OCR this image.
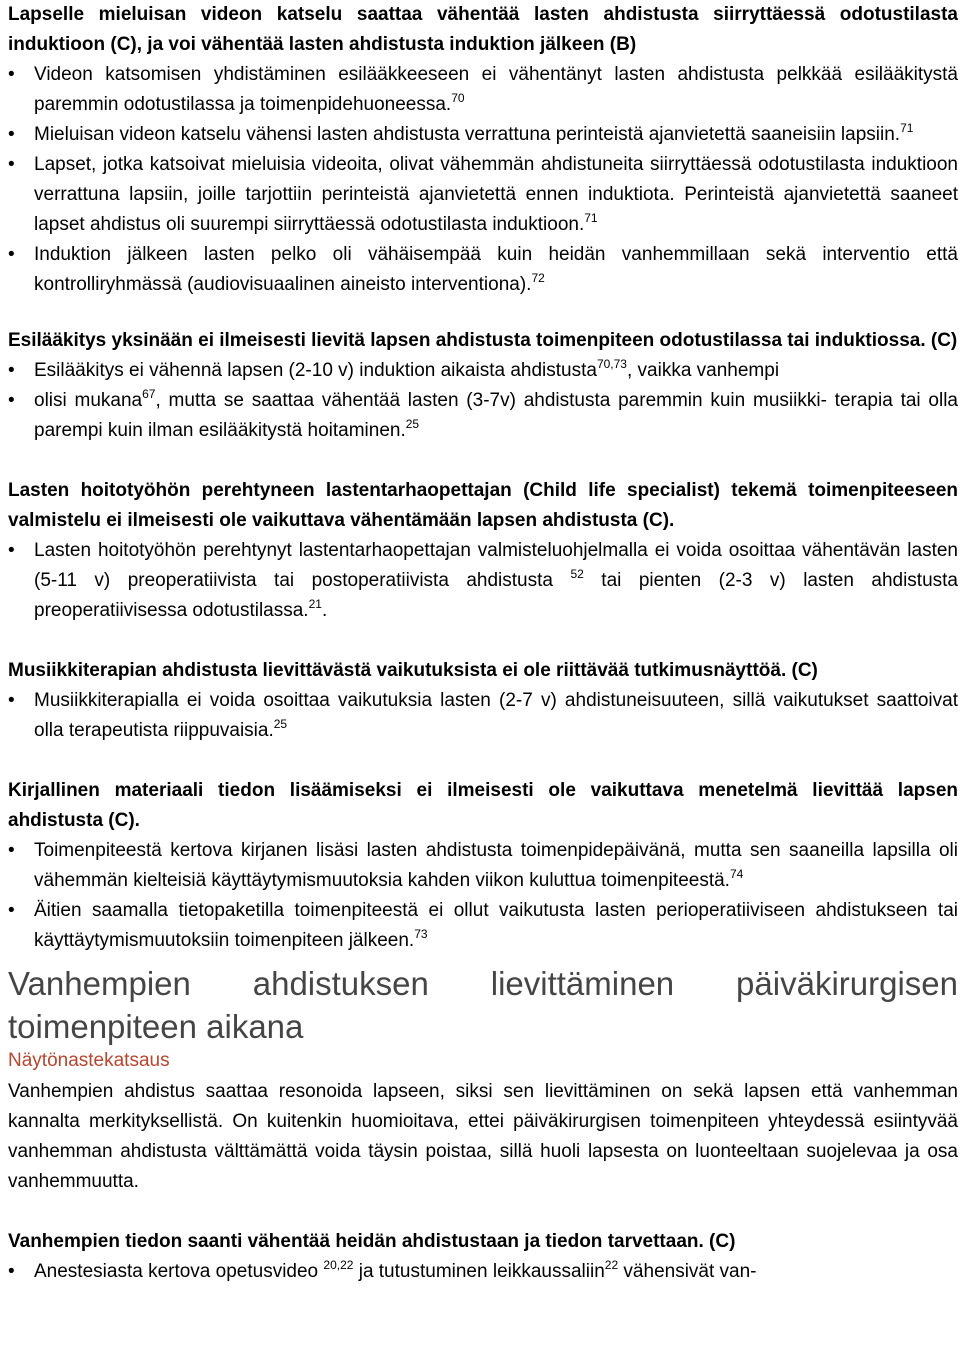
Lapselle mieluisan videon katselu saattaa vähentää lasten ahdistusta siirryttäessä odotustilasta induktioon (C), ja voi vähentää lasten ahdistusta induktion jälkeen (B)

• Videon katsomisen yhdistäminen esilääkkeeseen ei vähentänyt lasten ahdistusta pelkkää esilääkitystä paremmin odotustilassa ja toimenpidehuoneessa.$^{70}$
• Mieluisan videon katselu vähensi lasten ahdistusta verrattuna perinteistä ajanvietettä saaneisiin lapsiin.$^{71}$
• Lapset, jotka katsoivat mieluisia videoita, olivat vähemmän ahdistuneita siirryttäessä odotustilasta induktioon verrattuna lapsiin, joille tarjottiin perinteistä ajanvietettä ennen induktiota. Perinteistä ajanvietettä saaneet lapset ahdistus oli suurempi siirryttäessä odotustilasta induktioon.$^{71}$
• Induktion jälkeen lasten pelko oli vähäisempää kuin heidän vanhemmillaan sekä interventio että kontrolliryhmässä (audiovisuaalinen aineisto interventiona).$^{72}$

Esilääkitys yksinään ei ilmeisesti lievitä lapsen ahdistusta toimenpiteen odotustilassa tai induktiossa. (C)

• Esilääkitys ei vähennä lapsen (2-10 v) induktion aikaista ahdistusta$^{70,73}$, vaikka vanhempi
• olisi mukana$^{67}$, mutta se saattaa vähentää lasten (3-7v) ahdistusta paremmin kuin musiikki- terapia tai olla parempi kuin ilman esilääkitystä hoitaminen.$^{25}$

Lasten hoitotyöhön perehtyneen lastentarhaopettajan (Child life specialist) tekemä toimenpiteeseen valmistelu ei ilmeisesti ole vaikuttava vähentämään lapsen ahdistusta (C).

• Lasten hoitotyöhön perehtynyt lastentarhaopettajan valmisteluohjelmalla ei voida osoittaa vähentävän lasten (5-11 v) preoperatiivista tai postoperatiivista ahdistusta $^{52}$ tai pienten (2-3 v) lasten ahdistusta preoperatiivisessa odotustilassa.$^{21}$.

Musiikkiterapian ahdistusta lievittävästä vaikutuksista ei ole riittävää tutkimusnäyttöä. (C)

• Musiikkiterapialla ei voida osoittaa vaikutuksia lasten (2-7 v) ahdistuneisuuteen, sillä vaikutukset saattoivat olla terapeutista riippuvaisia.$^{25}$

Kirjallinen materiaali tiedon lisäämiseksi ei ilmeisesti ole vaikuttava menetelmä lievittää lapsen ahdistusta (C).

• Toimenpiteestä kertova kirjanen lisäsi lasten ahdistusta toimenpidepäivänä, mutta sen saaneilla lapsilla oli vähemmän kielteisiä käyttäytymismuutoksia kahden viikon kuluttua toimenpiteestä.$^{74}$
• Äitien saamalla tietopaketilla toimenpiteestä ei ollut vaikutusta lasten perioperatiiviseen ahdistukseen tai käyttäytymismuutoksiin toimenpiteen jälkeen.$^{73}$
Vanhempien ahdistuksen lievittäminen päiväkirurgisen toimenpiteen aikana

Näytönastekatsaus

Vanhempien ahdistus saattaa resonoida lapseen, siksi sen lievittäminen on sekä lapsen että vanhemman kannalta merkityksellistä. On kuitenkin huomioitava, ettei päiväkirurgisen toimenpiteen yhteydessä esiintyvää vanhemman ahdistusta välttämättä voida täysin poistaa, sillä huoli lapsesta on luonteeltaan suojelevaa ja osa vanhemmuutta.

Vanhempien tiedon saanti vähentää heidän ahdistustaan ja tiedon tarvettaan. (C)

• Anestesiasta kertova opetusvideo $^{20,22}$ ja tutustuminen leikkaussaliin$^{22}$ vähensivät van-
